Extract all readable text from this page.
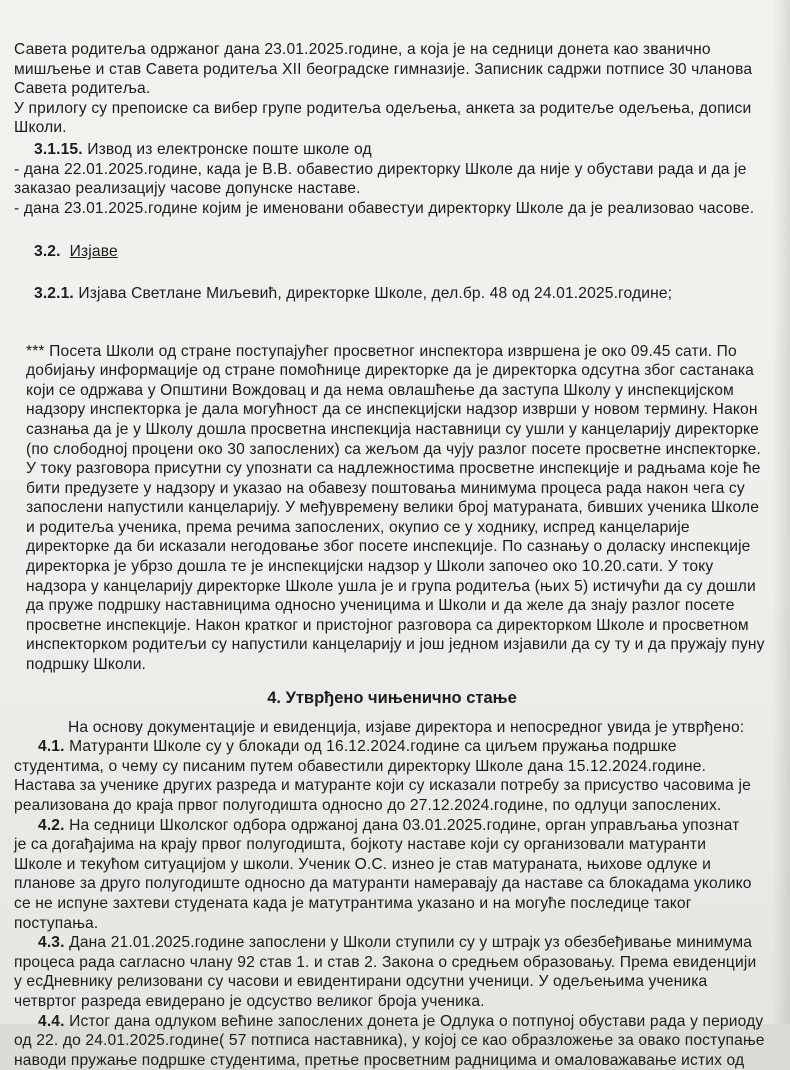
Савета родитеља одржаног дана 23.01.2025.године, а која је на седници донета као званично

мишљење и став Савета родитеља XII београдске гимназије. Записник садржи потписе 30 чланова

Савета родитеља.

У прилогу су препоиске са вибер групе родитеља одељења, анкета за родитеље одељења, дописи

Школи.

3.1.15. Извод из електронске поште школе од

- дана 22.01.2025.године, када је В.В. обавестио директорку Школе да није у обустави рада и да је

заказао реализацију часове допунске наставе.

- дана 23.01.2025.године којим је именовани обавестуи директорку Школе да је реализовао часове.

3.2. Изјаве

3.2.1. Изјава Светлане Миљевић, директорке Школе, дел.бр. 48 од 24.01.2025.године;

*** Посета Школи од стране поступајућег просветног инспектора извршена је око 09.45 сати. По

добијању информације од стране помоћнице директорке да је директорка одсутна због састанака

који се одржава у Општини Вождовац и да нема овлашћење да заступа Школу у инспекцијском

надзору инспекторка је дала могућност да се инспекцијски надзор изврши у новом термину. Након

сазнања да је у Школу дошла просветна инспекција наставници су ушли у канцеларију директорке

(по слободној процени око 30 запослених) са жељом да чују разлог посете просветне инспекторке.

У току разговора присутни су упознати са надлежностима просветне инспекције и радњама које ће

бити предузете у надзору и указао на обавезу поштовања минимума процеса рада након чега су

запослени напустили канцеларију. У међувремену велики број матураната, бивших ученика Школе

и родитеља ученика, према речима запослених, окупио се у ходнику, испред канцеларије

директорке да би исказали негодовање због посете инспекције. По сазнању о доласку инспекције

директорка је убрзо дошла те је инспекцијски надзор у Школи започео око 10.20.сати. У току

надзора у канцеларију директорке Школе ушла је и група родитеља (њих 5) истичући да су дошли

да пруже подршку наставницима односно ученицима и Школи и да желе да знају разлог посете

просветне инспекције. Након кратког и пристојног разговора са директорком Школе и просветном

инспекторком родитељи су напустили канцеларију и још једном изјавили да су ту и да пружају пуну

подршку Школи.

4. Утврђено чињенично стање

На основу документације и евиденција, изјаве директора и непосредног увида је утврђено:

4.1. Матуранти Школе су у блокади од 16.12.2024.године са циљем пружања подршке

студентима, о чему су писаним путем обавестили директорку Школе дана 15.12.2024.године.

Настава за ученике других разреда и матуранте који су исказали потребу за присуство часовима је

реализована до краја првог полугодишта односно до 27.12.2024.године, по одлуци запослених.

4.2. На седници Школског одбора одржаној дана 03.01.2025.године, орган управљања упознат

је са догађајима на крају првог полугодишта, бојкоту наставе који су организовали матуранти

Школе и текућом ситуацијом у школи. Ученик О.С. изнео је став матураната, њихове одлуке и

планове за друго полугодиште односно да матуранти намеравају да наставе са блокадама уколико

се не испуне захтеви студената када је матутрантима указано и на могуће последице таког

поступања.

4.3. Дана 21.01.2025.године запослени у Школи ступили су у штрајк уз обезбеђивање минимума

процеса рада сагласно члану 92 став 1. и став 2. Закона о средњем образовању. Према евиденцији

у есДневнику релизовани су часови и евидентирани одсутни ученици. У одељењима ученика

четвртог разреда евидерано је одсуство великог броја ученика.

4.4. Истог дана одлуком већине запослених донета је Одлука о потпуној обустави рада у периоду

од 22. до 24.01.2025.године( 57 потписа наставника), у којој се као образложење за овако поступање

наводи пружање подршке студентима, претње просветним радницима и омаловажавање истих од
